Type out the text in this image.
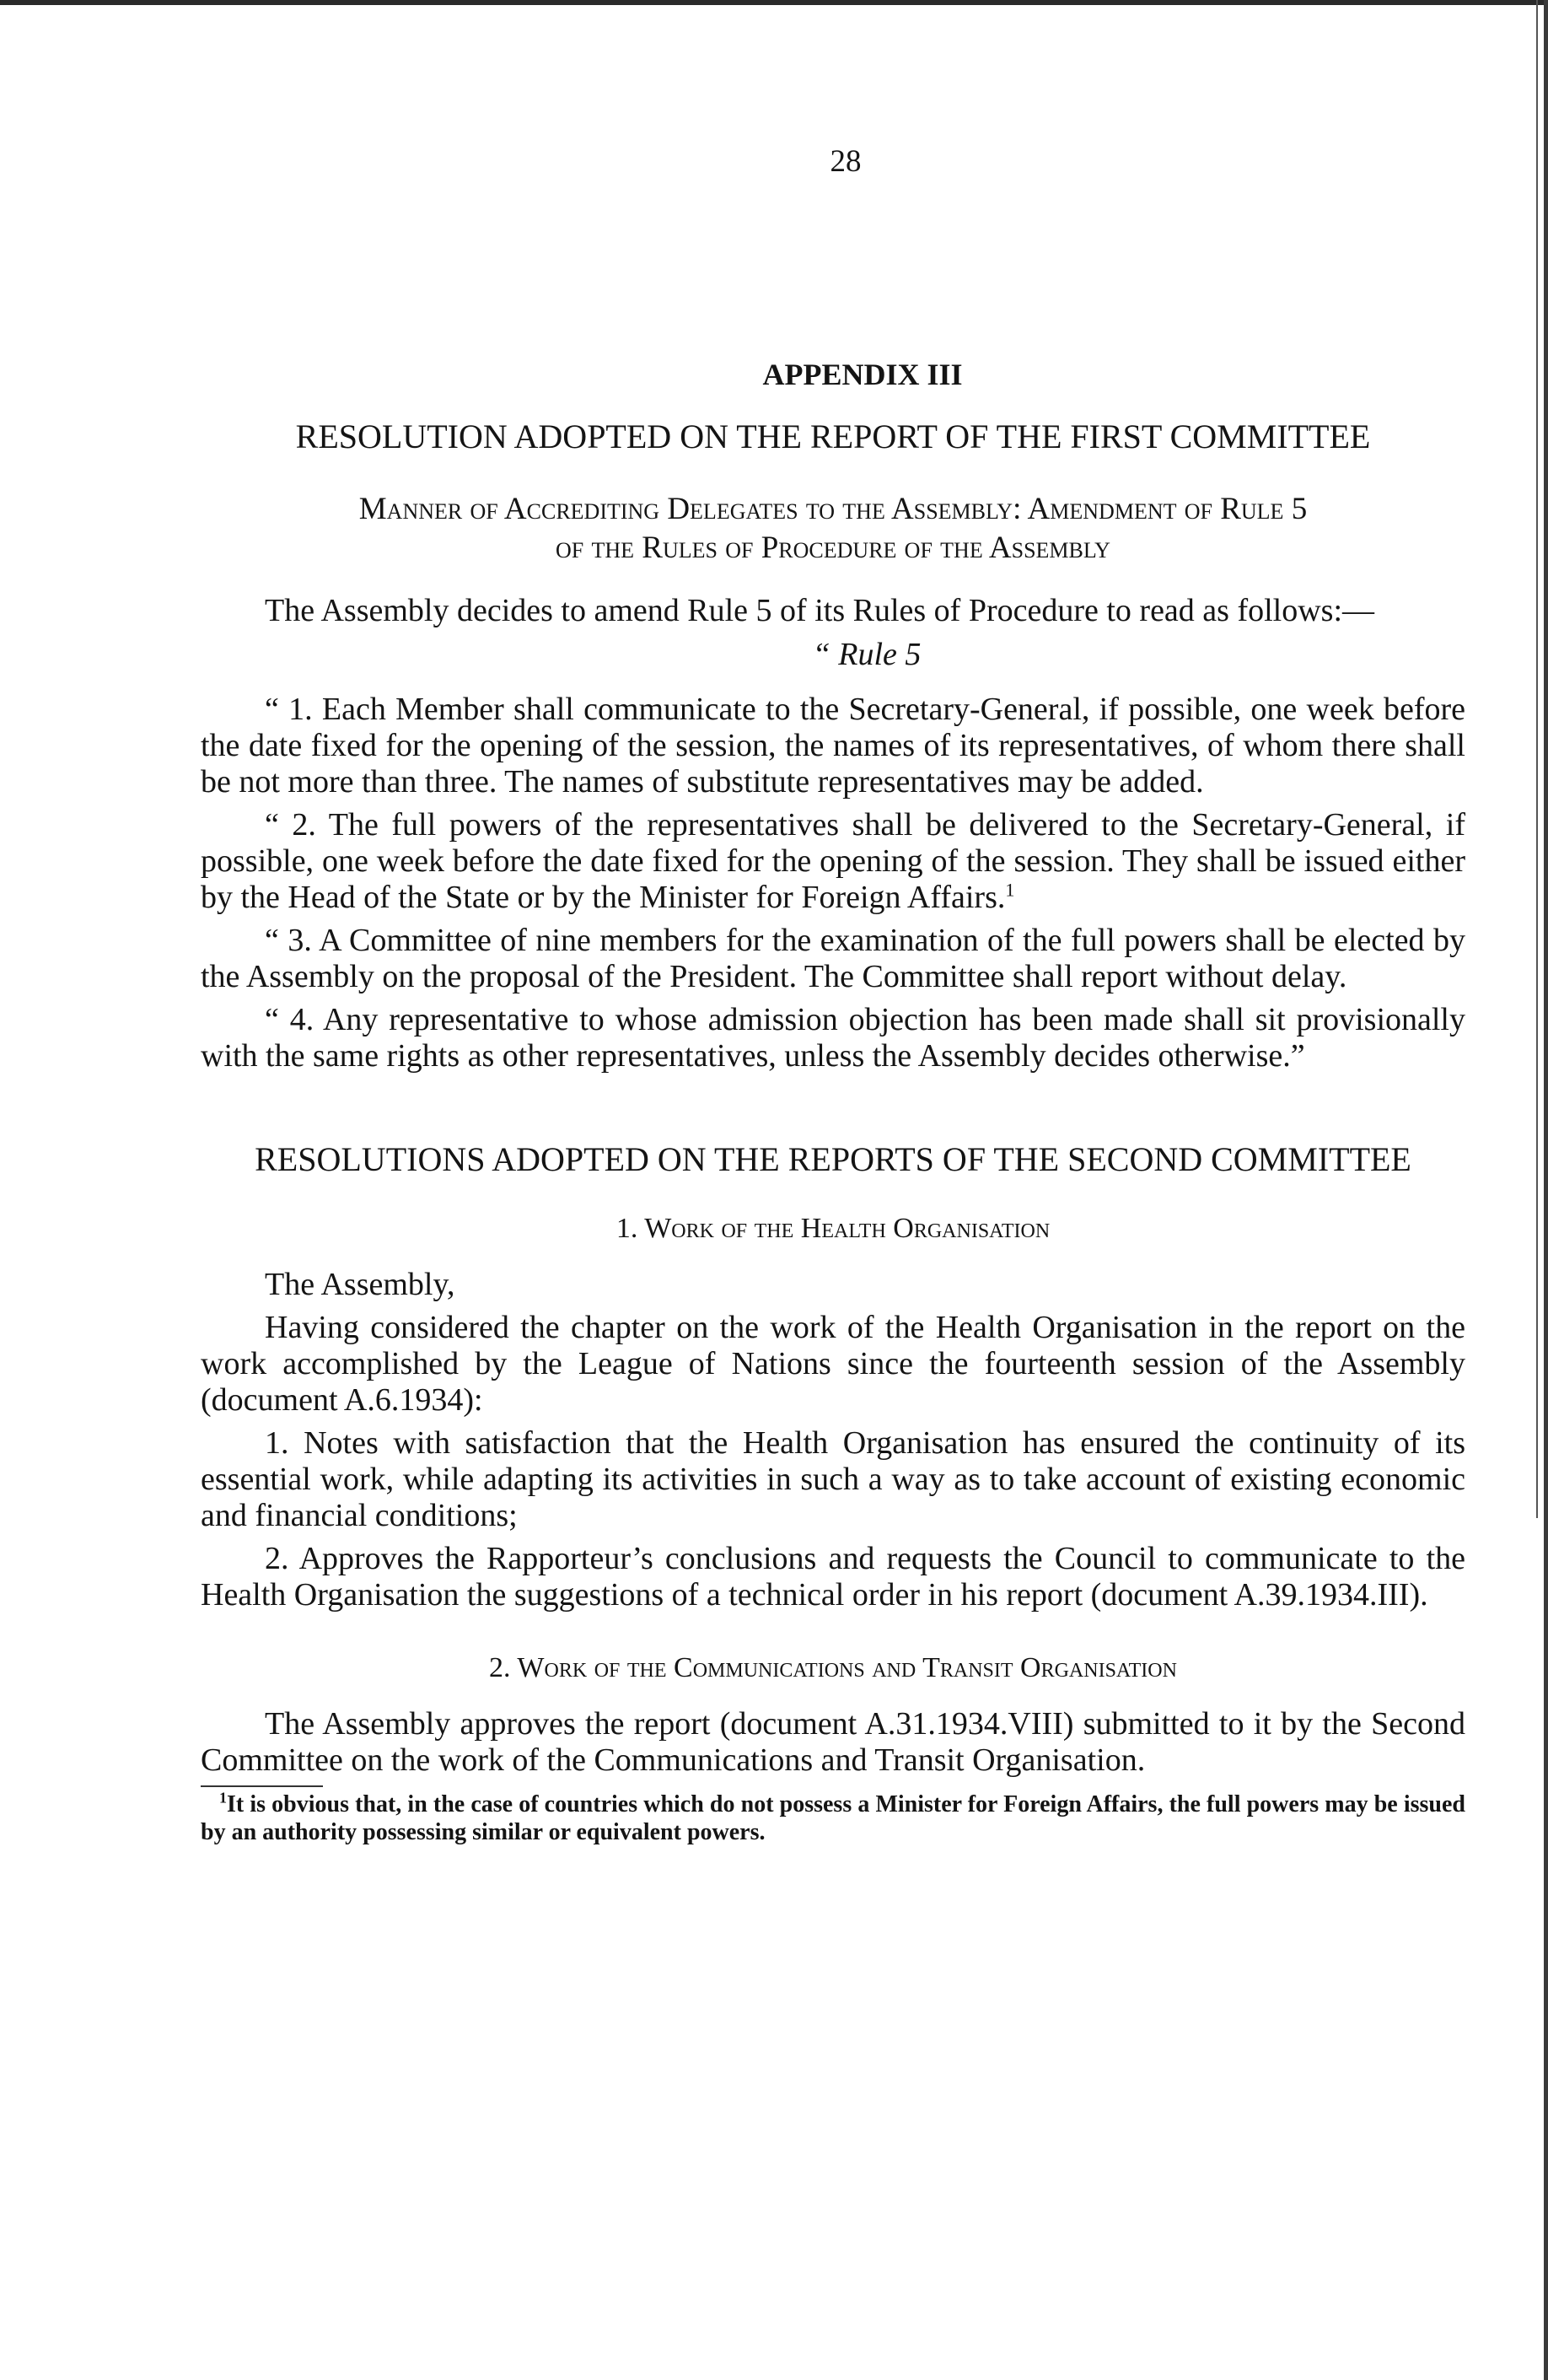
28
APPENDIX III
RESOLUTION ADOPTED ON THE REPORT OF THE FIRST COMMITTEE
Manner of Accrediting Delegates to the Assembly: Amendment of Rule 5
of the Rules of Procedure of the Assembly

The Assembly decides to amend Rule 5 of its Rules of Procedure to read as follows:—

“ Rule 5

“ 1. Each Member shall communicate to the Secretary-General, if possible, one week before the date fixed for the opening of the session, the names of its representatives, of whom there shall be not more than three. The names of substitute representatives may be added.

“ 2. The full powers of the representatives shall be delivered to the Secretary-General, if possible, one week before the date fixed for the opening of the session. They shall be issued either by the Head of the State or by the Minister for Foreign Affairs.$^1$

“ 3. A Committee of nine members for the examination of the full powers shall be elected by the Assembly on the proposal of the President. The Committee shall report without delay.

“ 4. Any representative to whose admission objection has been made shall sit provisionally with the same rights as other representatives, unless the Assembly decides otherwise.”

RESOLUTIONS ADOPTED ON THE REPORTS OF THE SECOND COMMITTEE
1. Work of the Health Organisation

The Assembly,

Having considered the chapter on the work of the Health Organisation in the report on the work accomplished by the League of Nations since the fourteenth session of the Assembly (document A.6.1934):

1. Notes with satisfaction that the Health Organisation has ensured the continuity of its essential work, while adapting its activities in such a way as to take account of existing economic and financial conditions;

2. Approves the Rapporteur’s conclusions and requests the Council to communicate to the Health Organisation the suggestions of a technical order in his report (document A.39.1934.III).

2. Work of the Communications and Transit Organisation

The Assembly approves the report (document A.31.1934.VIII) submitted to it by the Second Committee on the work of the Communications and Transit Organisation.

$^1$It is obvious that, in the case of countries which do not possess a Minister for Foreign Affairs, the full powers may be issued by an authority possessing similar or equivalent powers.
